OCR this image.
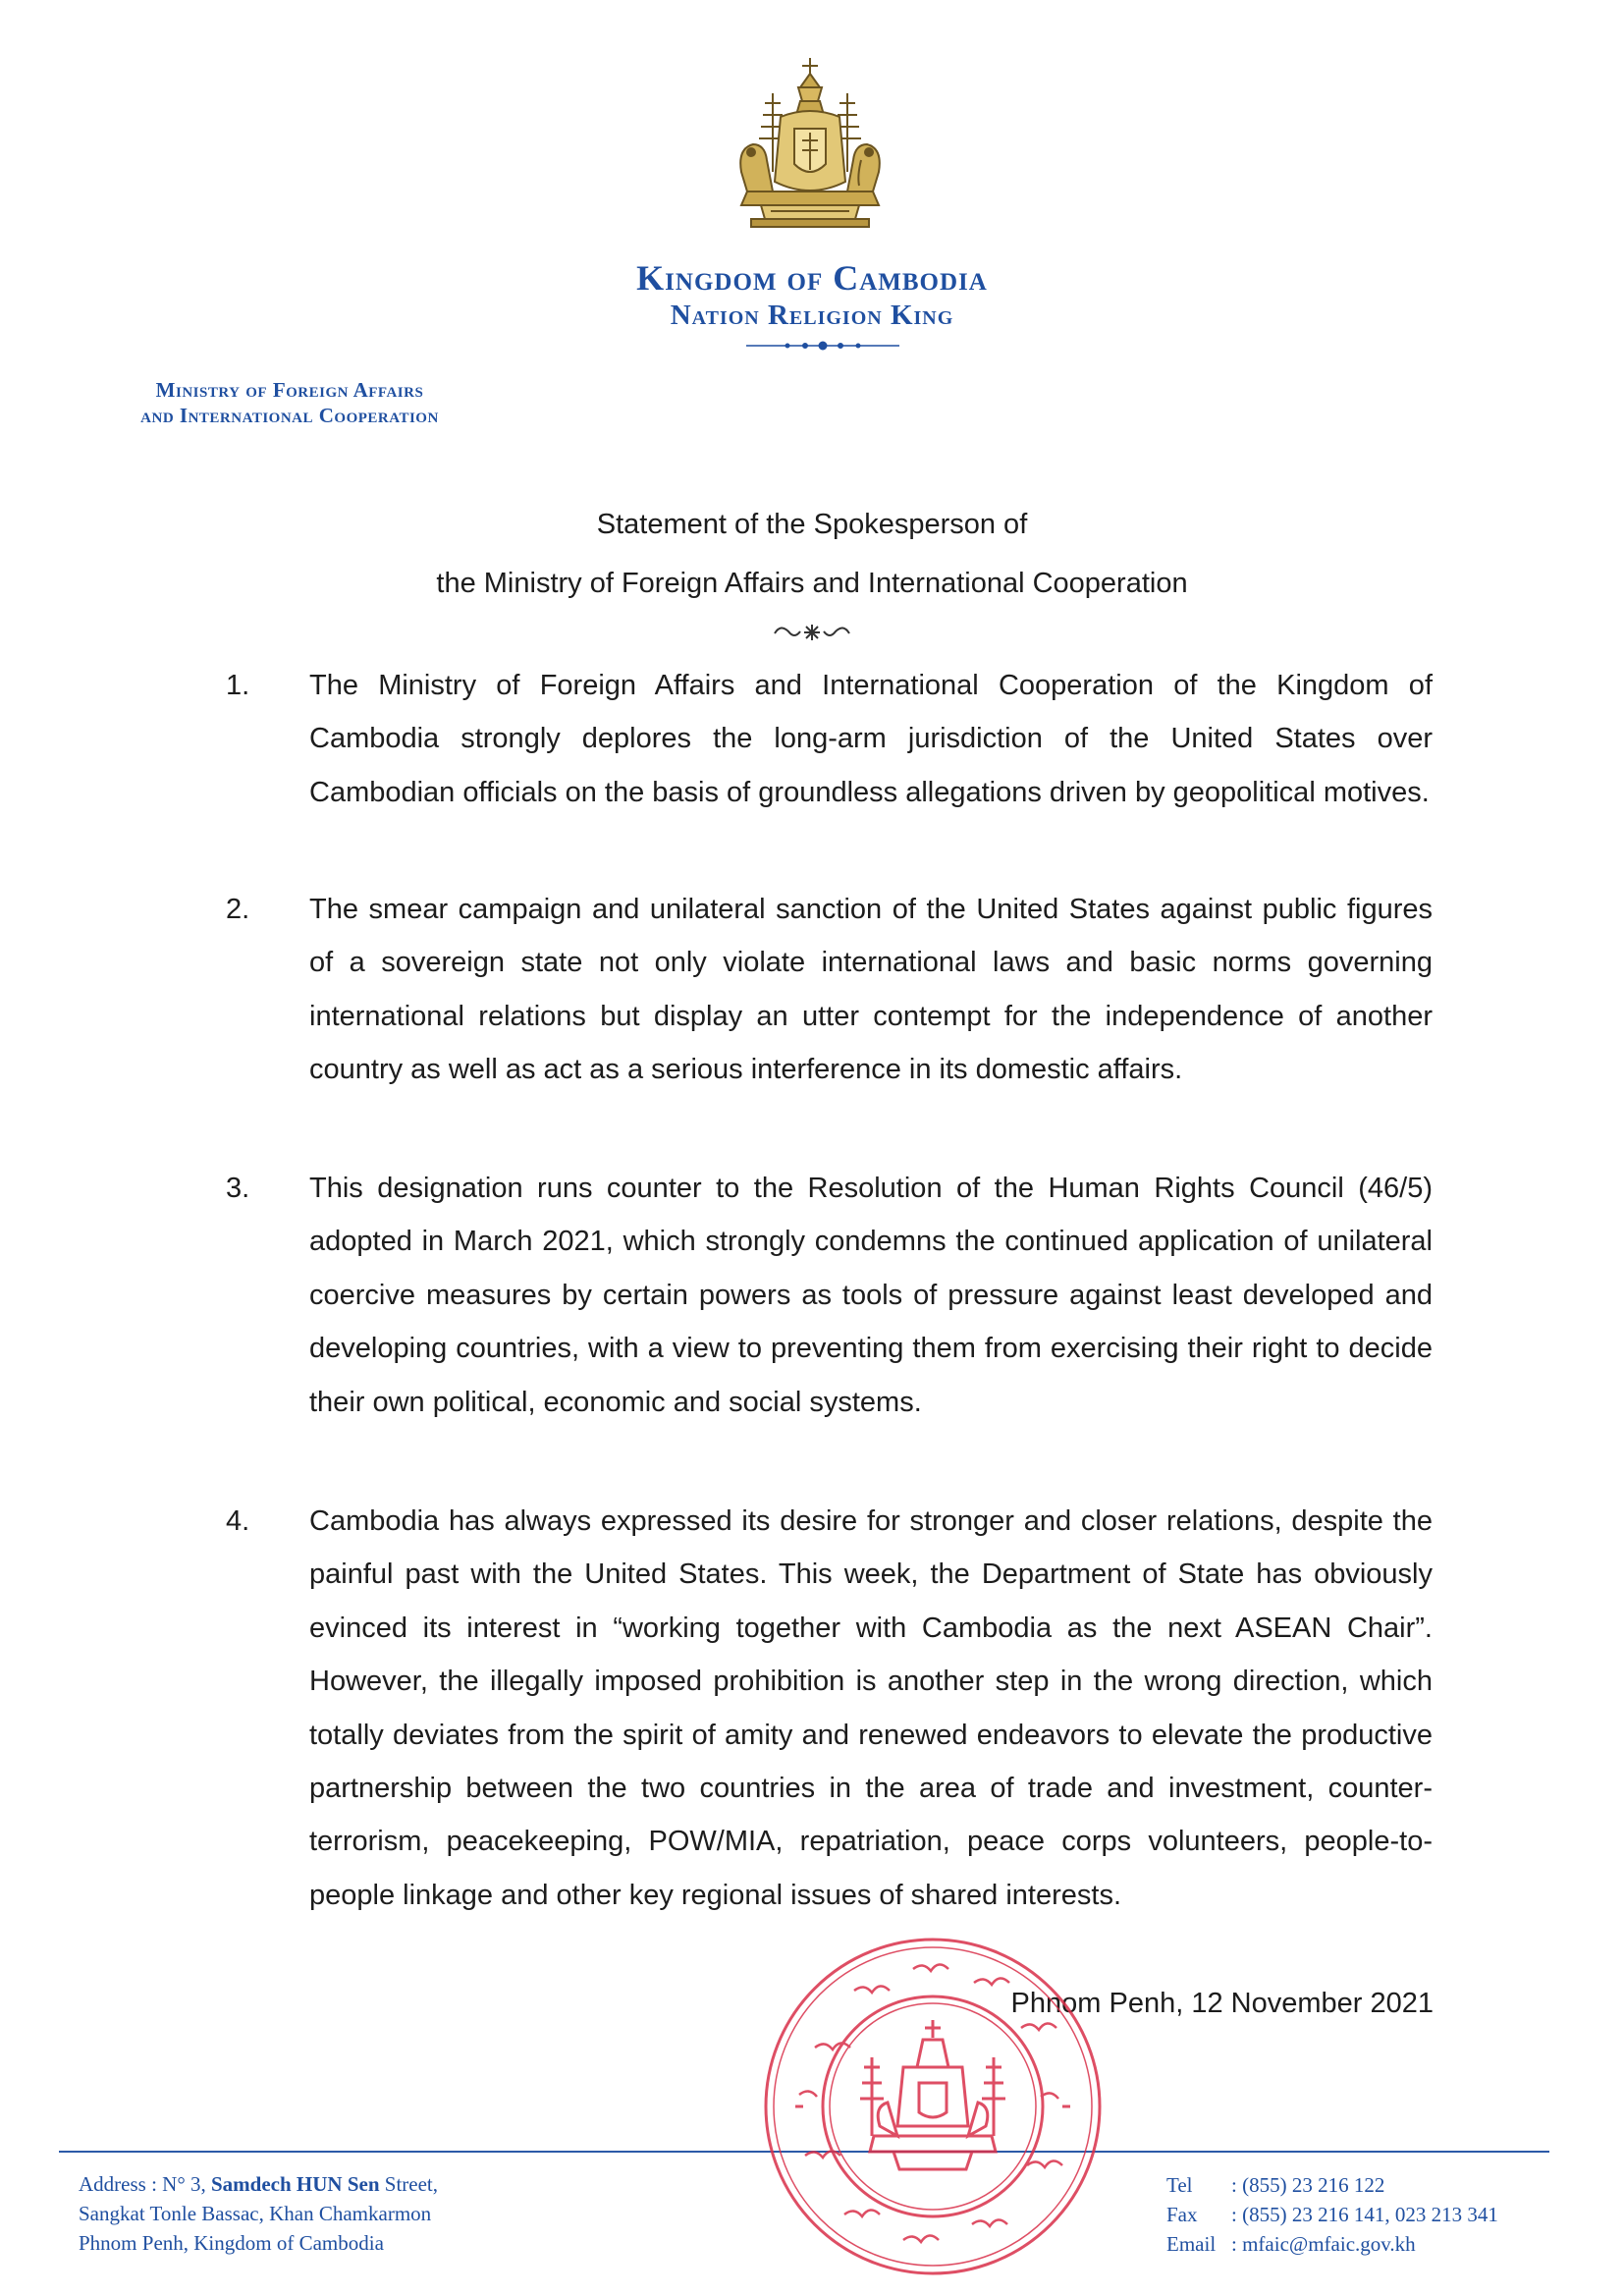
Kingdom of Cambodia
Nation Religion King
Ministry of Foreign Affairs
and International Cooperation
Statement of the Spokesperson of
the Ministry of Foreign Affairs and International Cooperation
1. The Ministry of Foreign Affairs and International Cooperation of the Kingdom of Cambodia strongly deplores the long-arm jurisdiction of the United States over Cambodian officials on the basis of groundless allegations driven by geopolitical motives.
2. The smear campaign and unilateral sanction of the United States against public figures of a sovereign state not only violate international laws and basic norms governing international relations but display an utter contempt for the independence of another country as well as act as a serious interference in its domestic affairs.
3. This designation runs counter to the Resolution of the Human Rights Council (46/5) adopted in March 2021, which strongly condemns the continued application of unilateral coercive measures by certain powers as tools of pressure against least developed and developing countries, with a view to preventing them from exercising their right to decide their own political, economic and social systems.
4. Cambodia has always expressed its desire for stronger and closer relations, despite the painful past with the United States. This week, the Department of State has obviously evinced its interest in “working together with Cambodia as the next ASEAN Chair”. However, the illegally imposed prohibition is another step in the wrong direction, which totally deviates from the spirit of amity and renewed endeavors to elevate the productive partnership between the two countries in the area of trade and investment, counter-terrorism, peacekeeping, POW/MIA, repatriation, peace corps volunteers, people-to-people linkage and other key regional issues of shared interests.
Phnom Penh, 12 November 2021
Address : N° 3, Samdech HUN Sen Street,
Sangkat Tonle Bassac, Khan Chamkarmon
Phnom Penh, Kingdom of Cambodia
Tel : (855) 23 216 122
Fax : (855) 23 216 141, 023 213 341
Email : mfaic@mfaic.gov.kh
